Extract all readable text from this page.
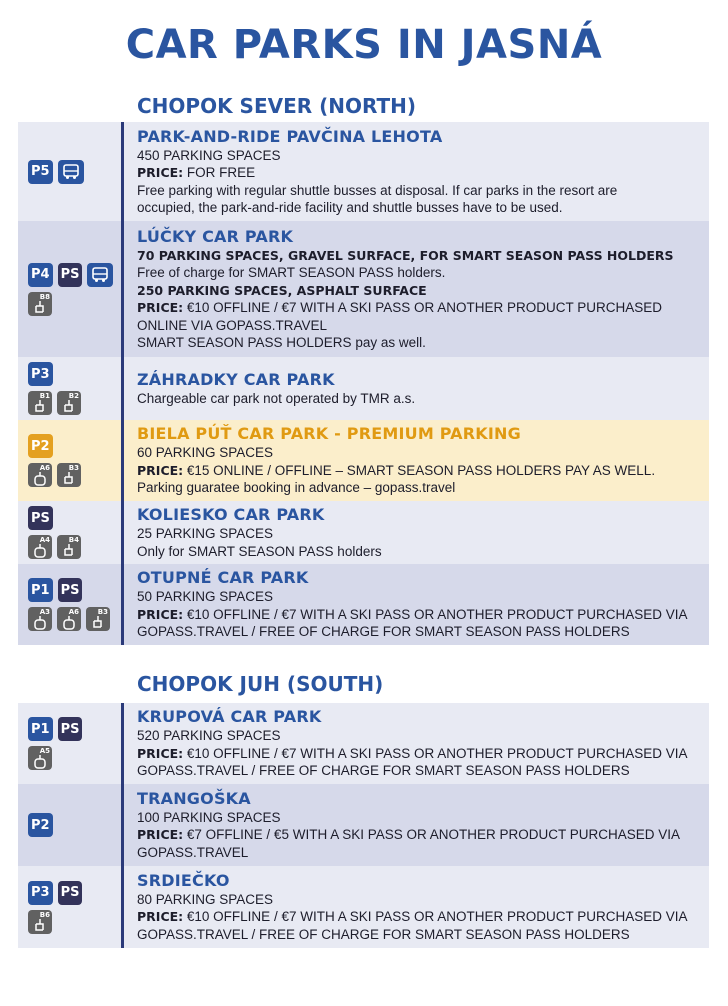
CAR PARKS IN JASNÁ
CHOPOK SEVER (NORTH)
P5
PARK-AND-RIDE PAVČINA LEHOTA
450 PARKING SPACES
PRICE: FOR FREE
Free parking with regular shuttle busses at disposal. If car parks in the resort are
occupied, the park-and-ride facility and shuttle busses have to be used.
P4 PS
B8
LÚČKY CAR PARK
70 PARKING SPACES, GRAVEL SURFACE, FOR SMART SEASON PASS HOLDERS
Free of charge for SMART SEASON PASS holders.
250 PARKING SPACES, ASPHALT SURFACE
PRICE: €10 OFFLINE / €7 WITH A SKI PASS OR ANOTHER PRODUCT PURCHASED
ONLINE VIA GOPASS.TRAVEL
SMART SEASON PASS HOLDERS pay as well.
P3
B1	B2
ZÁHRADKY CAR PARK
Chargeable car park not operated by TMR a.s.
P2
A6	B3
BIELA PÚŤ CAR PARK - PREMIUM PARKING
60 PARKING SPACES
PRICE: €15 ONLINE / OFFLINE – SMART SEASON PASS HOLDERS PAY AS WELL.
Parking guaratee booking in advance – gopass.travel
PS
A4	B4
KOLIESKO CAR PARK
25 PARKING SPACES
Only for SMART SEASON PASS holders
P1 PS
A3	A6	B3
OTUPNÉ CAR PARK
50 PARKING SPACES
PRICE: €10 OFFLINE / €7 WITH A SKI PASS OR ANOTHER PRODUCT PURCHASED VIA
GOPASS.TRAVEL / FREE OF CHARGE FOR SMART SEASON PASS HOLDERS
CHOPOK JUH (SOUTH)
P1 PS
A5
KRUPOVÁ CAR PARK
520 PARKING SPACES
PRICE: €10 OFFLINE / €7 WITH A SKI PASS OR ANOTHER PRODUCT PURCHASED VIA
GOPASS.TRAVEL / FREE OF CHARGE FOR SMART SEASON PASS HOLDERS
P2
TRANGOŠKA
100 PARKING SPACES
PRICE: €7 OFFLINE / €5 WITH A SKI PASS OR ANOTHER PRODUCT PURCHASED VIA
GOPASS.TRAVEL
P3 PS
B6
SRDIEČKO
80 PARKING SPACES
PRICE: €10 OFFLINE / €7 WITH A SKI PASS OR ANOTHER PRODUCT PURCHASED VIA
GOPASS.TRAVEL / FREE OF CHARGE FOR SMART SEASON PASS HOLDERS
